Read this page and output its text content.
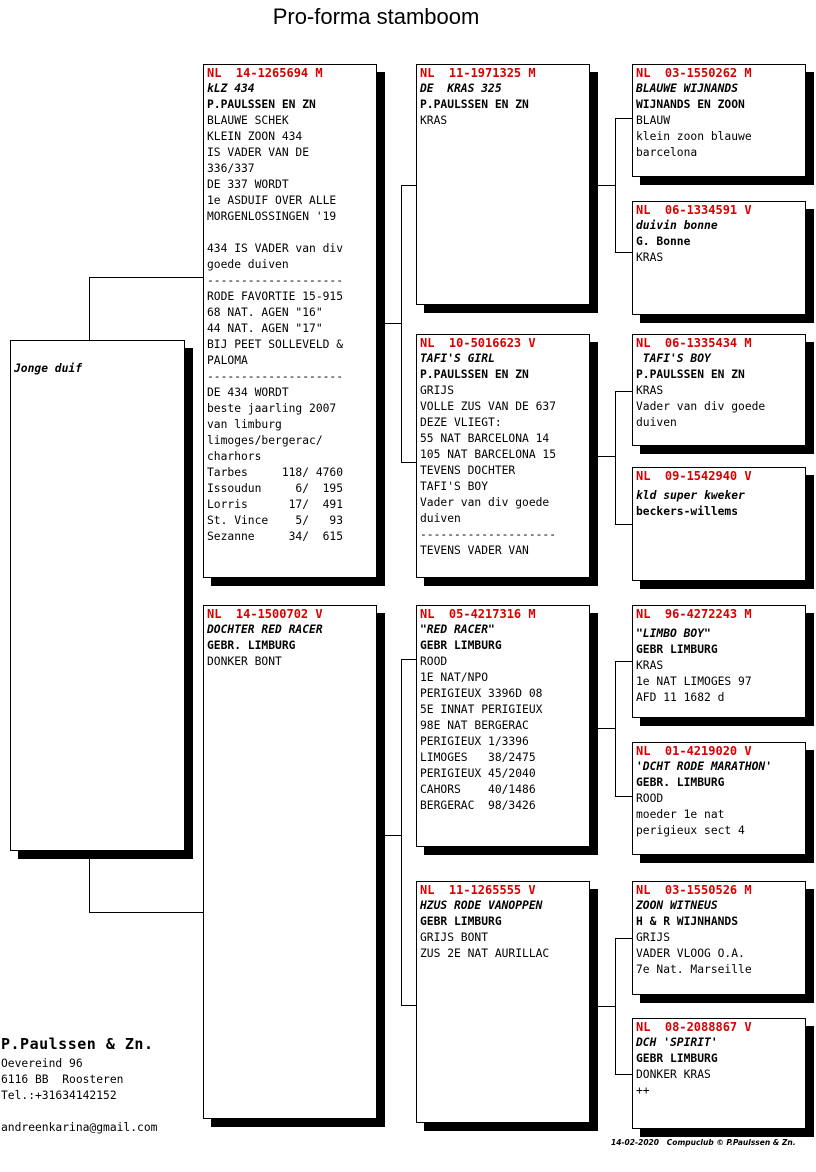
Pro-forma stamboom
Jonge duif
NL  14-1265694 M
kLZ 434
P.PAULSSEN EN ZN
BLAUWE SCHEK
KLEIN ZOON 434
IS VADER VAN DE
336/337
DE 337 WORDT
1e ASDUIF OVER ALLE
MORGENLOSSINGEN '19
434 IS VADER van div
goede duiven
--------------------
RODE FAVORTIE 15-915
68 NAT. AGEN "16"
44 NAT. AGEN "17"
BIJ PEET SOLLEVELD &
PALOMA
--------------------
DE 434 WORDT
beste jaarling 2007
van limburg
limoges/bergerac/
charhors
Tarbes     118/ 4760
Issoudun     6/  195
Lorris      17/  491
St. Vince    5/   93
Sezanne     34/  615
NL  14-1500702 V
DOCHTER RED RACER
GEBR. LIMBURG
DONKER BONT
NL  11-1971325 M
DE  KRAS 325
P.PAULSSEN EN ZN
KRAS
NL  10-5016623 V
TAFI'S GIRL
P.PAULSSEN EN ZN
GRIJS
VOLLE ZUS VAN DE 637
DEZE VLIEGT:
55 NAT BARCELONA 14
105 NAT BARCELONA 15
TEVENS DOCHTER
TAFI'S BOY
Vader van div goede
duiven
--------------------
TEVENS VADER VAN
NL  05-4217316 M
"RED RACER"
GEBR LIMBURG
ROOD
1E NAT/NPO
PERIGIEUX 3396D 08
5E INNAT PERIGIEUX
98E NAT BERGERAC
PERIGIEUX 1/3396
LIMOGES   38/2475
PERIGIEUX 45/2040
CAHORS    40/1486
BERGERAC  98/3426
NL  11-1265555 V
HZUS RODE VANOPPEN
GEBR LIMBURG
GRIJS BONT
ZUS 2E NAT AURILLAC
NL  03-1550262 M
BLAUWE WIJNANDS
WIJNANDS EN ZOON
BLAUW
klein zoon blauwe
barcelona
NL  06-1334591 V
duivin bonne
G. Bonne
KRAS
NL  06-1335434 M
TAFI'S BOY
P.PAULSSEN EN ZN
KRAS
Vader van div goede
duiven
NL  09-1542940 V
kld super kweker
beckers-willems
NL  96-4272243 M
"LIMBO BOY"
GEBR LIMBURG
KRAS
1e NAT LIMOGES 97
AFD 11 1682 d
NL  01-4219020 V
'DCHT RODE MARATHON'
GEBR. LIMBURG
ROOD
moeder 1e nat
perigieux sect 4
NL  03-1550526 M
ZOON WITNEUS
H & R WIJNHANDS
GRIJS
VADER VLOOG O.A.
7e Nat. Marseille
NL  08-2088867 V
DCH 'SPIRIT'
GEBR LIMBURG
DONKER KRAS
++
P.Paulssen & Zn.
Oevereind 96
6116 BB  Roosteren
Tel.:+31634142152
andreenkarina@gmail.com
14-02-2020   Compuclub © P.Paulssen & Zn.
